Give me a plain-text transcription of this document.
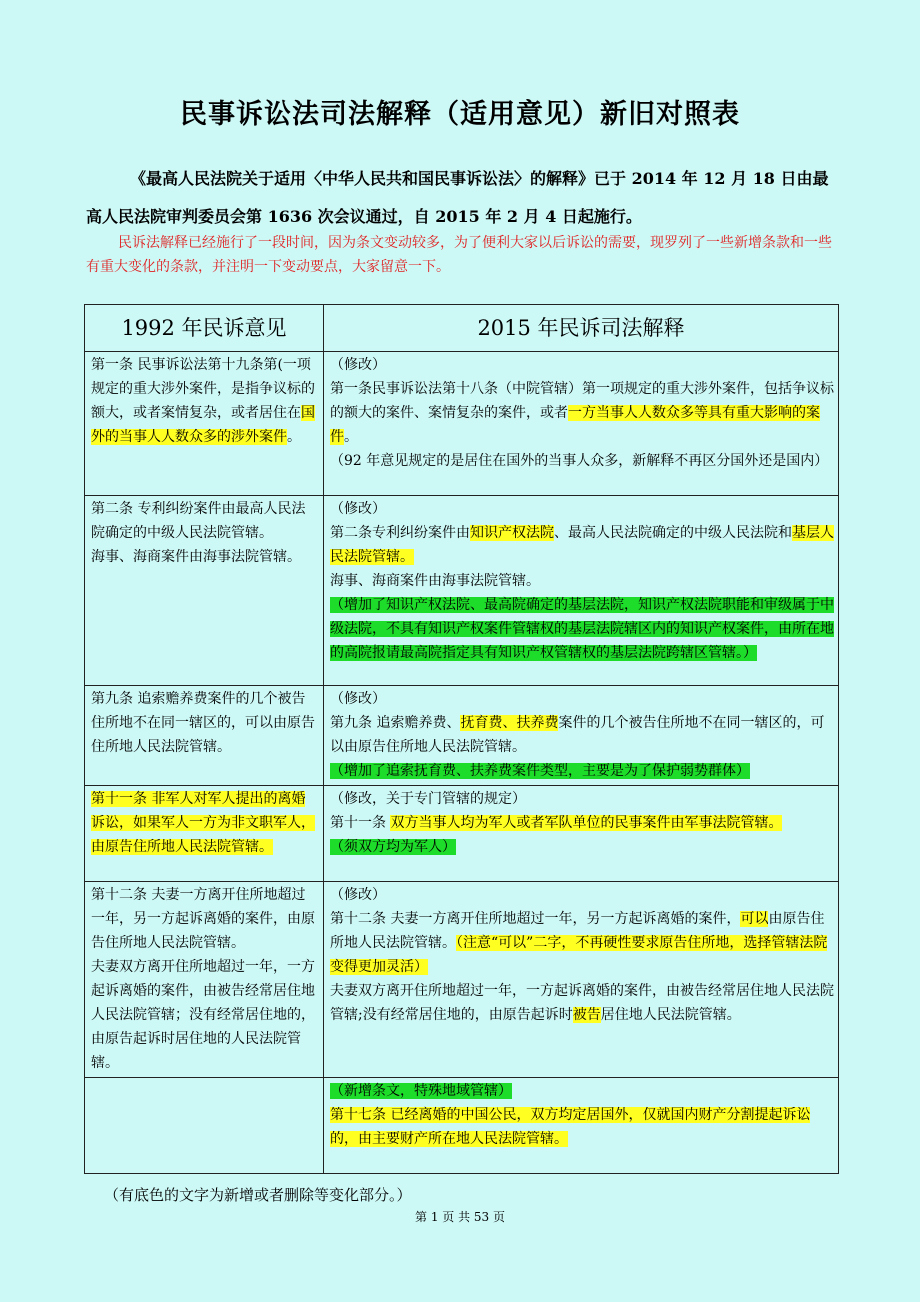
民事诉讼法司法解释（适用意见）新旧对照表
《最高人民法院关于适用〈中华人民共和国民事诉讼法〉的解释》已于 2014 年 12 月 18 日由最高人民法院审判委员会第 1636 次会议通过，自 2015 年 2 月 4 日起施行。
民诉法解释已经施行了一段时间，因为条文变动较多，为了便利大家以后诉讼的需要，现罗列了一些新增条款和一些有重大变化的条款，并注明一下变动要点，大家留意一下。
1992 年民诉意见	2015 年民诉司法解释
第一条 民事诉讼法第十九条第(一项规定的重大涉外案件，是指争议标的额大，或者案情复杂，或者居住在国外的当事人人数众多的涉外案件。	（修改）
第一条民事诉讼法第十八条（中院管辖）第一项规定的重大涉外案件，包括争议标的额大的案件、案情复杂的案件，或者一方当事人人数众多等具有重大影响的案件。
（92 年意见规定的是居住在国外的当事人众多，新解释不再区分国外还是国内）

第二条 专利纠纷案件由最高人民法院确定的中级人民法院管辖。
海事、海商案件由海事法院管辖。	（修改）
第二条专利纠纷案件由知识产权法院、最高人民法院确定的中级人民法院和基层人民法院管辖。
海事、海商案件由海事法院管辖。
（增加了知识产权法院、最高院确定的基层法院，知识产权法院职能和审级属于中级法院，不具有知识产权案件管辖权的基层法院辖区内的知识产权案件，由所在地的高院报请最高院指定具有知识产权管辖权的基层法院跨辖区管辖。）

第九条 追索赡养费案件的几个被告住所地不在同一辖区的，可以由原告住所地人民法院管辖。	（修改）
第九条 追索赡养费、抚育费、扶养费案件的几个被告住所地不在同一辖区的，可以由原告住所地人民法院管辖。
（增加了追索抚育费、扶养费案件类型，主要是为了保护弱势群体）

第十一条 非军人对军人提出的离婚诉讼，如果军人一方为非文职军人，由原告住所地人民法院管辖。	（修改，关于专门管辖的规定）
第十一条 双方当事人均为军人或者军队单位的民事案件由军事法院管辖。
（须双方均为军人）

第十二条 夫妻一方离开住所地超过一年，另一方起诉离婚的案件，由原告住所地人民法院管辖。
夫妻双方离开住所地超过一年，一方起诉离婚的案件，由被告经常居住地人民法院管辖；没有经常居住地的，由原告起诉时居住地的人民法院管辖。	（修改）
第十二条 夫妻一方离开住所地超过一年，另一方起诉离婚的案件，可以由原告住所地人民法院管辖。（注意“可以”二字，不再硬性要求原告住所地，选择管辖法院变得更加灵活）
夫妻双方离开住所地超过一年，一方起诉离婚的案件，由被告经常居住地人民法院管辖;没有经常居住地的，由原告起诉时被告居住地人民法院管辖。

	（新增条文，特殊地域管辖）
第十七条 已经离婚的中国公民，双方均定居国外，仅就国内财产分割提起诉讼的，由主要财产所在地人民法院管辖。
（有底色的文字为新增或者删除等变化部分。）
第 1 页 共 53 页
